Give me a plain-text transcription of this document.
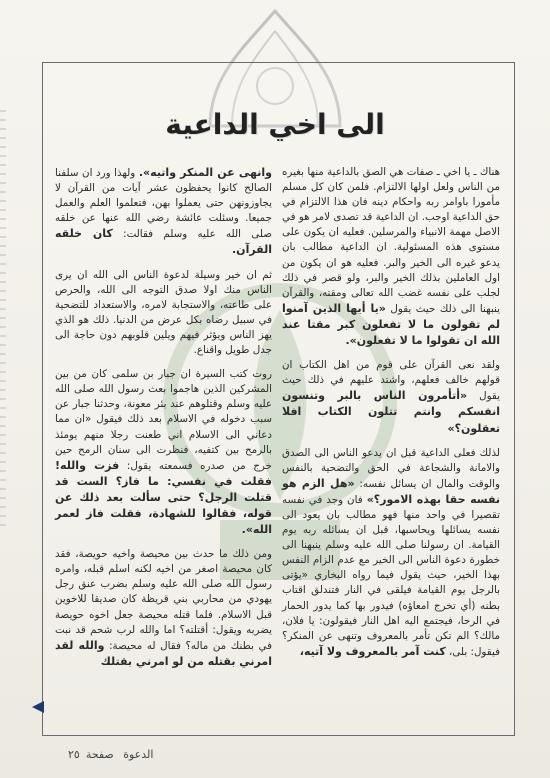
الى اخي الداعية

هناك ـ يا اخي ـ صفات هي الصق بالداعية منها بغيره من الناس ولعل اولها الالتزام. فلمن كان كل مسلم مأمورا باوامر ربه واحكام دينه فان هذا الالتزام في حق الداعية اوجب. ان الداعية قد تصدى لامر هو في الاصل مهمة الانبياء والمرسلين. فعليه ان يكون على مستوى هذه المسئولية. ان الداعية مطالب بان يدعو غيره الى الخير والبر. فعليه هو ان يكون من اول العاملين بذلك الخير والبر، ولو قصر في ذلك لجلب على نفسه غضب الله تعالى ومقته، والقرآن ينبهنا الى ذلك حيث يقول «يا أيها الذين آمنوا لم تقولون ما لا تفعلون كبر مقتا عند الله ان تقولوا ما لا تفعلون».

ولقد نعى القرآن على قوم من اهل الكتاب ان قولهم خالف فعلهم، واشتد عليهم في ذلك حيث يقول «أتأمرون الناس بالبر وتنسون انفسكم وانتم تتلون الكتاب افلا تعقلون؟»

لذلك فعلى الداعية قبل ان يدعو الناس الى الصدق والامانة والشجاعة في الحق والتضحية بالنفس والوقت والمال ان يسائل نفسه: «هل الزم هو نفسه حقا بهذه الامور؟» فان وجد في نفسه تقصيرا في واحد منها فهو مطالب بان يعود الى نفسه يسائلها ويحاسبها، قبل ان يسائله ربه يوم القيامة. ان رسولنا صلى الله عليه وسلم ينبهنا الى خطورة دعوة الناس الى الخير مع عدم الزام النفس بهذا الخير، حيث يقول فيما رواه البخاري «يؤتى بالرجل يوم القيامة فيلقى في النار فتندلق اقتاب بطنه (أي تخرج امعاؤه) فيدور بها كما يدور الحمار في الرحا، فيجتمع اليه اهل النار فيقولون: يا فلان، مالك؟ الم تكن تأمر بالمعروف وتنهى عن المنكر؟ فيقول: بلى، كنت آمر بالمعروف ولا آتيه،

وانهى عن المنكر واتيه». ولهذا ورد ان سلفنا الصالح كانوا يحفظون عشر آيات من القرآن لا يجاوزونهن حتى يعملوا بهن، فتعلموا العلم والعمل جميعا. وسئلت عائشة رضي الله عنها عن خلقه صلى الله عليه وسلم فقالت: كان خلقه القرآن.

ثم ان خير وسيلة لدعوة الناس الى الله ان يرى الناس منك اولا صدق التوجه الى الله، والحرص على طاعته، والاستجابة لامره، والاستعداد للتضحية في سبيل رضاه بكل عرض من الدنيا. ذلك هو الذي يهز الناس ويؤثر فيهم ويلين قلوبهم دون حاجة الى جدل طويل واقناع.

روت كتب السيرة ان جبار بن سلمى كان من بين المشركين الذين هاجموا بعث رسول الله صلى الله عليه وسلم وقتلوهم عند بئر معونة، وحدثنا جبار عن سبب دخوله في الاسلام بعد ذلك فيقول «ان مما دعاني الى الاسلام اني طعنت رجلا منهم يومئذ بالرمح بين كتفيه، فنظرت الى سنان الرمح حين خرج من صدره فسمعته يقول: فزت والله! فقلت في نفسي: ما فاز؟ الست قد قتلت الرجل؟ حتى سألت بعد ذلك عن قوله، فقالوا للشهادة، فقلت فاز لعمر الله».

ومن ذلك ما حدث بين محيصة واخيه حويصة، فقد كان محيصة اصغر من اخيه لكنه اسلم قبله، وامره رسول الله صلى الله عليه وسلم بضرب عنق رجل يهودي من محاربي بني قريظة كان صديقا للاخوين قبل الاسلام. فلما قتله محيصة جعل اخوه حويصة يضربه ويقول: أقتلته؟ اما والله لرب شحم قد نبت في بطنك من ماله؟ فقال له محيصة: والله لقد امرني بقتله من لو امرني بقتلك

الدعوة صفحة٢٥
